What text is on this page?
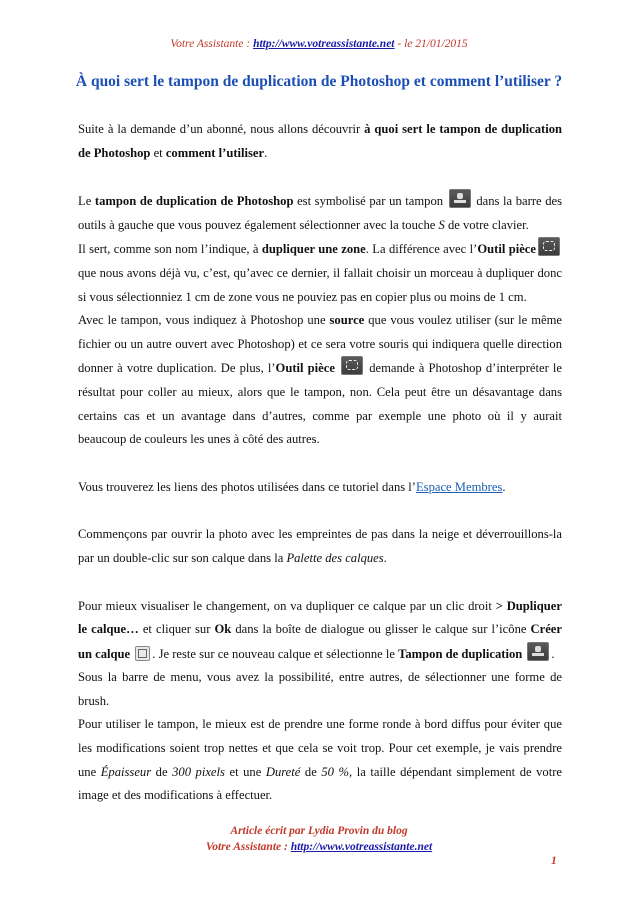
Votre Assistante : http://www.votreassistante.net - le 21/01/2015
À quoi sert le tampon de duplication de Photoshop et comment l’utiliser ?

Suite à la demande d’un abonné, nous allons découvrir à quoi sert le tampon de duplication de Photoshop et comment l’utiliser.

Le tampon de duplication de Photoshop est symbolisé par un tampon  dans la barre des outils à gauche que vous pouvez également sélectionner avec la touche S de votre clavier.

Il sert, comme son nom l’indique, à dupliquer une zone. La différence avec l’Outil pièce que nous avons déjà vu, c’est, qu’avec ce dernier, il fallait choisir un morceau à dupliquer donc si vous sélectionniez 1 cm de zone vous ne pouviez pas en copier plus ou moins de 1 cm.

Avec le tampon, vous indiquez à Photoshop une source que vous voulez utiliser (sur le même fichier ou un autre ouvert avec Photoshop) et ce sera votre souris qui indiquera quelle direction donner à votre duplication. De plus, l’Outil pièce  demande à Photoshop d’interpréter le résultat pour coller au mieux, alors que le tampon, non. Cela peut être un désavantage dans certains cas et un avantage dans d’autres, comme par exemple une photo où il y aurait beaucoup de couleurs les unes à côté des autres.

Vous trouverez les liens des photos utilisées dans ce tutoriel dans l’Espace Membres.

Commençons par ouvrir la photo avec les empreintes de pas dans la neige et déverrouillons-la par un double-clic sur son calque dans la Palette des calques.

Pour mieux visualiser le changement, on va dupliquer ce calque par un clic droit > Dupliquer le calque… et cliquer sur Ok dans la boîte de dialogue ou glisser le calque sur l’icône Créer un calque . Je reste sur ce nouveau calque et sélectionne le Tampon de duplication .

Sous la barre de menu, vous avez la possibilité, entre autres, de sélectionner une forme de brush.

Pour utiliser le tampon, le mieux est de prendre une forme ronde à bord diffus pour éviter que les modifications soient trop nettes et que cela se voit trop. Pour cet exemple, je vais prendre une Épaisseur de 300 pixels et une Dureté de 50 %, la taille dépendant simplement de votre image et des modifications à effectuer.

Article écrit par Lydia Provin du blog
Votre Assistante : http://www.votreassistante.net
1
